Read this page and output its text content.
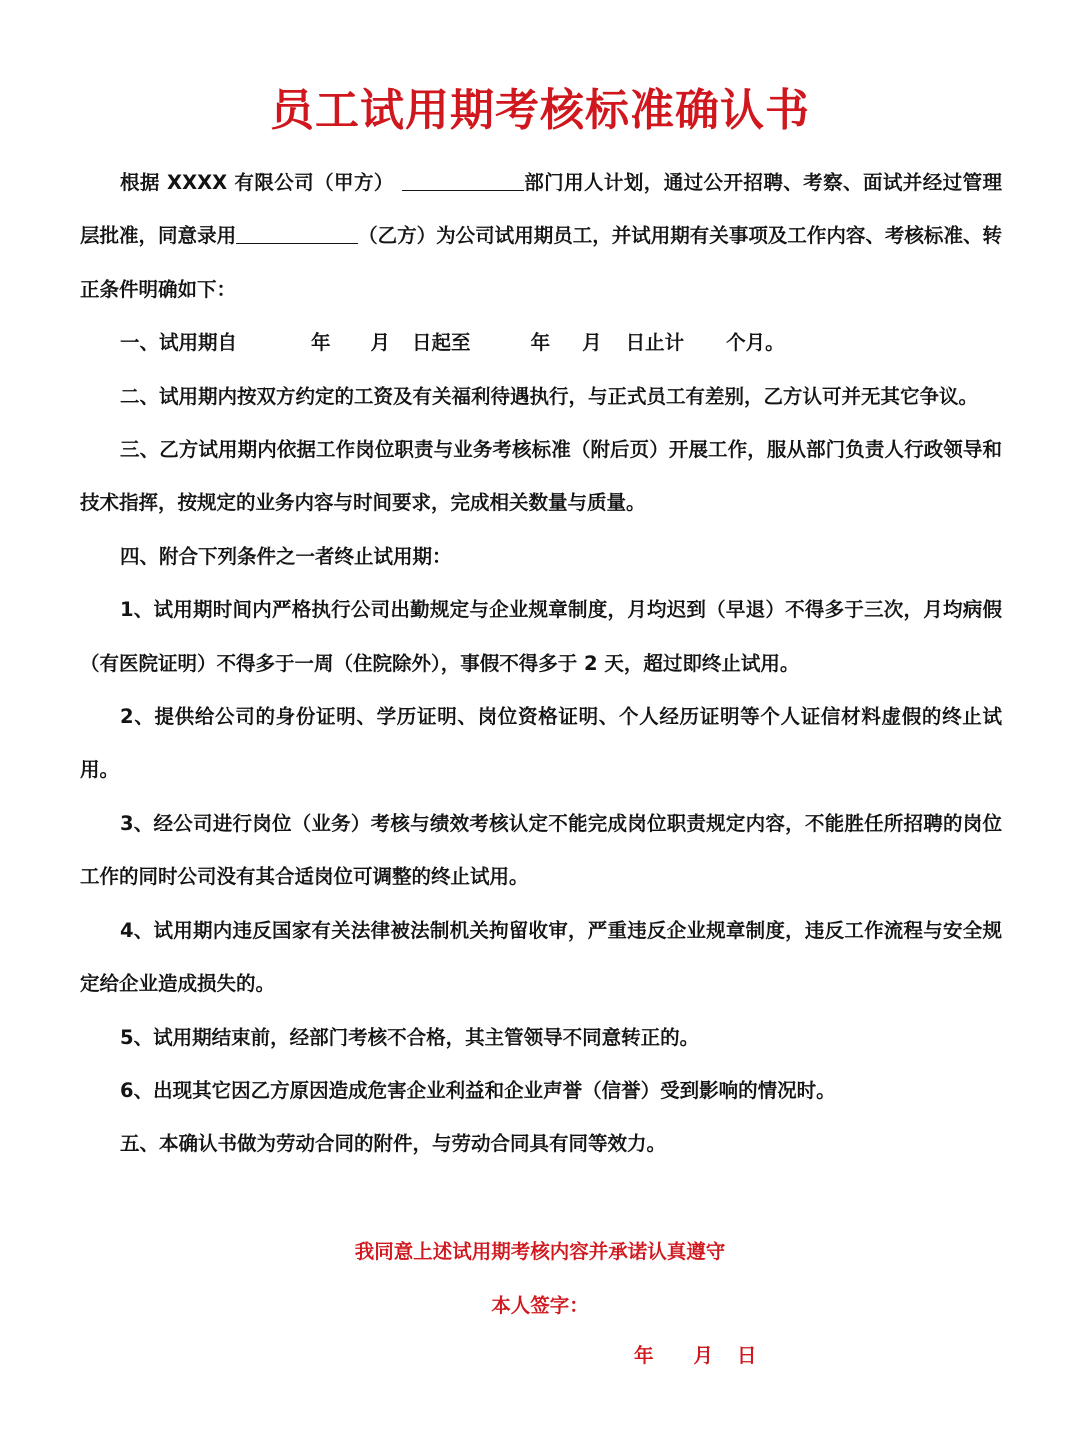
员工试用期考核标准确认书

根据 XXXX 有限公司（甲方）	部门用人计划，通过公开招聘、考察、面试并经过管理层批准，同意录用	（乙方）为公司试用期员工，并试用期有关事项及工作内容、考核标准、转正条件明确如下：

一、试用期自	年 月 日起至	年 月 日止计 个月。

二、试用期内按双方约定的工资及有关福利待遇执行，与正式员工有差别，乙方认可并无其它争议。

三、乙方试用期内依据工作岗位职责与业务考核标准（附后页）开展工作，服从部门负责人行政领导和技术指挥，按规定的业务内容与时间要求，完成相关数量与质量。

四、附合下列条件之一者终止试用期：

1、试用期时间内严格执行公司出勤规定与企业规章制度，月均迟到（早退）不得多于三次，月均病假（有医院证明）不得多于一周（住院除外），事假不得多于 2 天，超过即终止试用。

2、提供给公司的身份证明、学历证明、岗位资格证明、个人经历证明等个人证信材料虚假的终止试用。

3、经公司进行岗位（业务）考核与绩效考核认定不能完成岗位职责规定内容，不能胜任所招聘的岗位工作的同时公司没有其合适岗位可调整的终止试用。

4、试用期内违反国家有关法律被法制机关拘留收审，严重违反企业规章制度，违反工作流程与安全规定给企业造成损失的。

5、试用期结束前，经部门考核不合格，其主管领导不同意转正的。

6、出现其它因乙方原因造成危害企业利益和企业声誉（信誉）受到影响的情况时。

五、本确认书做为劳动合同的附件，与劳动合同具有同等效力。

我同意上述试用期考核内容并承诺认真遵守
本人签字：
年 月 日
